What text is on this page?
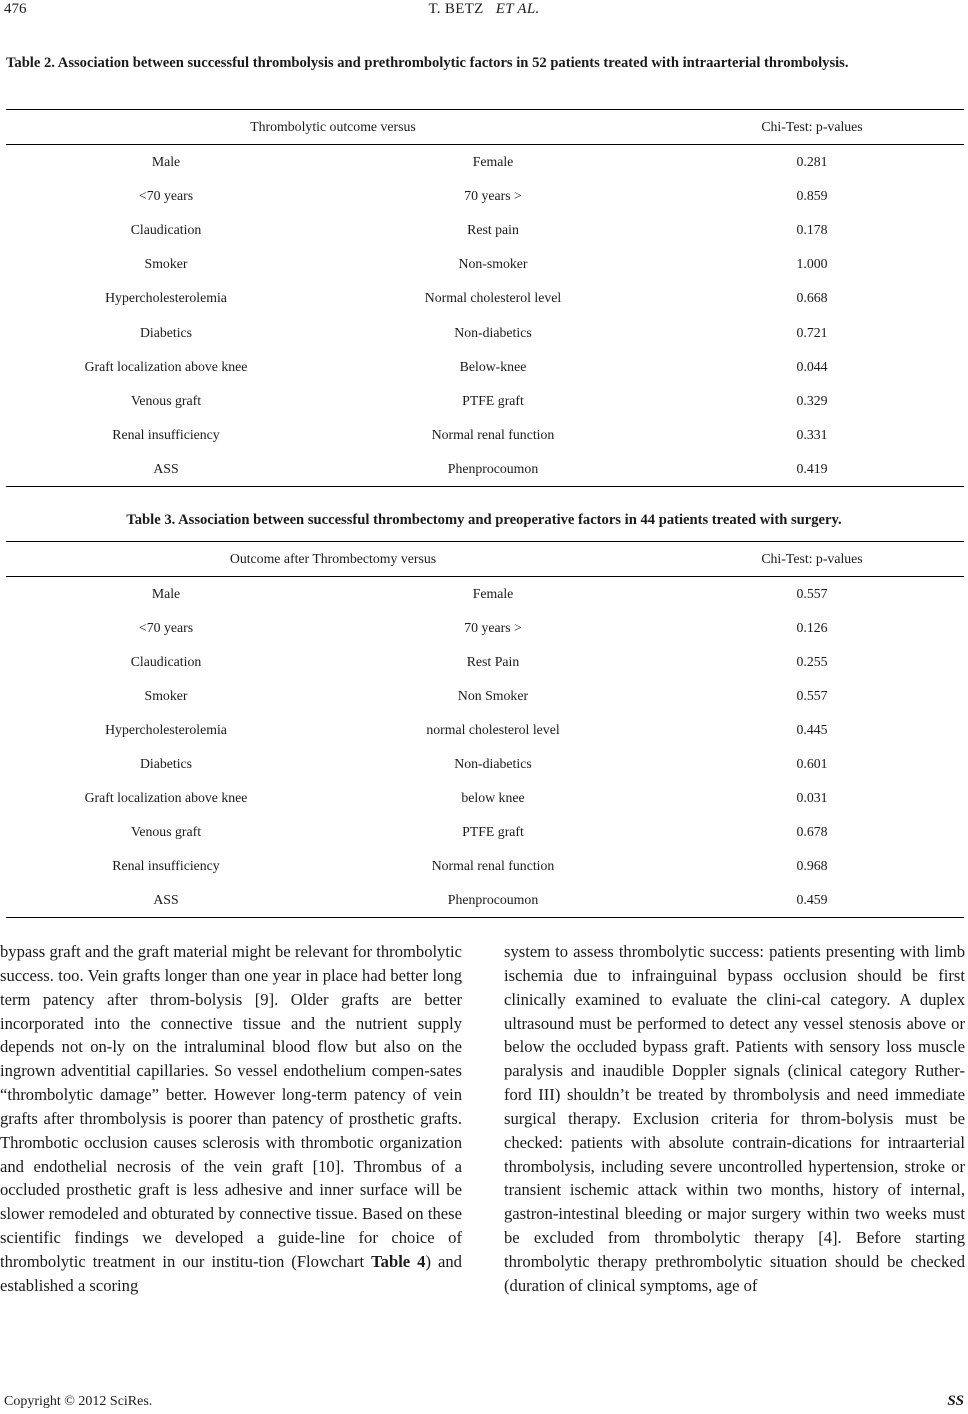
476	T. BETZ ET AL.
Table 2. Association between successful thrombolysis and prethrombolytic factors in 52 patients treated with intraarterial thrombolysis.
Thrombolytic outcome versus		Chi-Test: p-values
Male	Female	0.281
<70 years	70 years >	0.859
Claudication	Rest pain	0.178
Smoker	Non-smoker	1.000
Hypercholesterolemia	Normal cholesterol level	0.668
Diabetics	Non-diabetics	0.721
Graft localization above knee	Below-knee	0.044
Venous graft	PTFE graft	0.329
Renal insufficiency	Normal renal function	0.331
ASS	Phenprocoumon	0.419
Table 3. Association between successful thrombectomy and preoperative factors in 44 patients treated with surgery.
Outcome after Thrombectomy versus		Chi-Test: p-values
Male	Female	0.557
<70 years	70 years >	0.126
Claudication	Rest Pain	0.255
Smoker	Non Smoker	0.557
Hypercholesterolemia	normal cholesterol level	0.445
Diabetics	Non-diabetics	0.601
Graft localization above knee	below knee	0.031
Venous graft	PTFE graft	0.678
Renal insufficiency	Normal renal function	0.968
ASS	Phenprocoumon	0.459
bypass graft and the graft material might be relevant for thrombolytic success. too. Vein grafts longer than one year in place had better long term patency after throm-bolysis [9]. Older grafts are better incorporated into the connective tissue and the nutrient supply depends not on-ly on the intraluminal blood flow but also on the ingrown adventitial capillaries. So vessel endothelium compen-sates “thrombolytic damage” better. However long-term patency of vein grafts after thrombolysis is poorer than patency of prosthetic grafts. Thrombotic occlusion causes sclerosis with thrombotic organization and endothelial necrosis of the vein graft [10]. Thrombus of a occluded prosthetic graft is less adhesive and inner surface will be slower remodeled and obturated by connective tissue. Based on these scientific findings we developed a guide-line for choice of thrombolytic treatment in our institu-tion (Flowchart Table 4) and established a scoring
system to assess thrombolytic success: patients presenting with limb ischemia due to infrainguinal bypass occlusion should be first clinically examined to evaluate the clini-cal category. A duplex ultrasound must be performed to detect any vessel stenosis above or below the occluded bypass graft. Patients with sensory loss muscle paralysis and inaudible Doppler signals (clinical category Ruther-ford III) shouldn’t be treated by thrombolysis and need immediate surgical therapy. Exclusion criteria for throm-bolysis must be checked: patients with absolute contrain-dications for intraarterial thrombolysis, including severe uncontrolled hypertension, stroke or transient ischemic attack within two months, history of internal, gastron-intestinal bleeding or major surgery within two weeks must be excluded from thrombolytic therapy [4]. Before starting thrombolytic therapy prethrombolytic situation should be checked (duration of clinical symptoms, age of
Copyright © 2012 SciRes.	SS
